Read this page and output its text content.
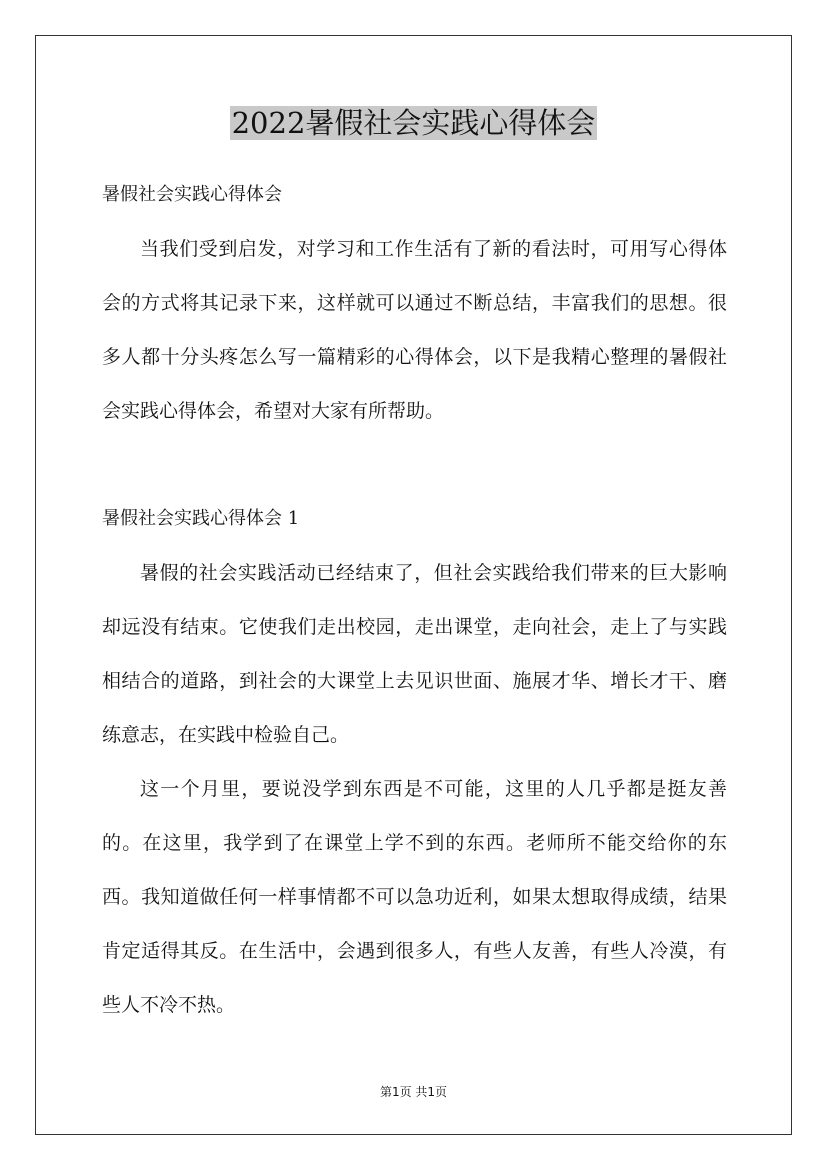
2022暑假社会实践心得体会

暑假社会实践心得体会

当我们受到启发，对学习和工作生活有了新的看法时，可用写心得体会的方式将其记录下来，这样就可以通过不断总结，丰富我们的思想。很多人都十分头疼怎么写一篇精彩的心得体会，以下是我精心整理的暑假社会实践心得体会，希望对大家有所帮助。

暑假社会实践心得体会 1

暑假的社会实践活动已经结束了，但社会实践给我们带来的巨大影响却远没有结束。它使我们走出校园，走出课堂，走向社会，走上了与实践相结合的道路，到社会的大课堂上去见识世面、施展才华、增长才干、磨练意志，在实践中检验自己。

这一个月里，要说没学到东西是不可能，这里的人几乎都是挺友善的。在这里，我学到了在课堂上学不到的东西。老师所不能交给你的东西。我知道做任何一样事情都不可以急功近利，如果太想取得成绩，结果肯定适得其反。在生活中，会遇到很多人，有些人友善，有些人冷漠，有些人不冷不热。

第1页 共1页
